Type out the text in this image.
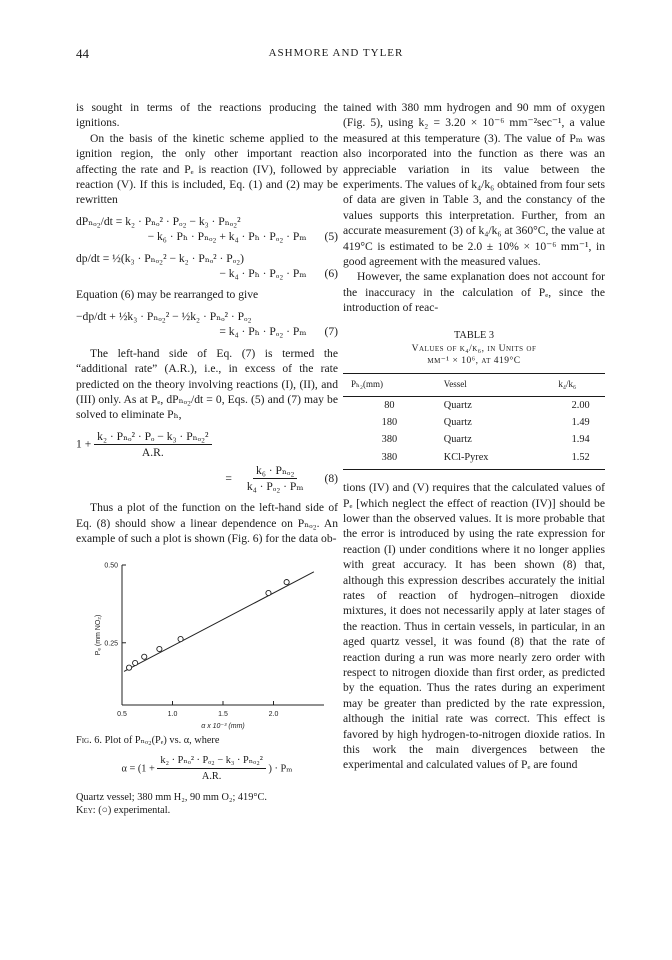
44	ASHMORE AND TYLER

is sought in terms of the reactions producing the ignitions.

On the basis of the kinetic scheme applied to the ignition region, the only other important reaction affecting the rate and Pₑ is reaction (IV), followed by reaction (V). If this is included, Eq. (1) and (2) may be rewritten

dPₙₒ₂/dt = k₂ · Pₙₒ² · Pₒ₂ − k₃ · Pₙₒ₂²
− k₆ · Pₕ · Pₙₒ₂ + k₄ · Pₕ · Pₒ₂ · Pₘ	(5)
dp/dt = ½(k₃ · Pₙₒ₂² − k₂ · Pₙₒ² · Pₒ₂)
− k₄ · Pₕ · Pₒ₂ · Pₘ	(6)

Equation (6) may be rearranged to give

−dp/dt + ½k₃ · Pₙₒ₂² − ½k₂ · Pₙₒ² · Pₒ₂
= k₄ · Pₕ · Pₒ₂ · Pₘ	(7)

The left-hand side of Eq. (7) is termed the “additional rate” (A.R.), i.e., in excess of the rate predicted on the theory involving reactions (I), (II), and (III) only. As at Pₑ, dPₙₒ₂/dt = 0, Eqs. (5) and (7) may be solved to eliminate Pₕ,

$1 + \frac{\text{k₂ · Pₙₒ² · Pₒ − k₃ · Pₙₒ₂²}}{A.R.}$
= $\frac{\text{k₆ · Pₙₒ₂}}{\text{k₄ · Pₒ₂ · Pₘ}}$	(8)

Thus a plot of the function on the left-hand side of Eq. (8) should show a linear dependence on Pₙₒ₂. An example of such a plot is shown (Fig. 6) for the data ob-

0.5	1.0	1.5	2.0
0.25
0.50
α x 10⁻³ (mm)
Pₑ (mm NO₂)
Fig. 6. Plot of Pₙₒ₂(Pₑ) vs. α, where
$\alpha = (1 + \frac{\text{k₂ · Pₙₒ² · Pₒ₂ − k₃ · Pₙₒ₂²}}{A.R.}$ ) · Pₘ
Quartz vessel; 380 mm H₂, 90 mm O₂; 419°C.
Key: (○) experimental.

tained with 380 mm hydrogen and 90 mm of oxygen (Fig. 5), using k₂ = 3.20 × 10⁻⁶ mm⁻²sec⁻¹, a value measured at this temperature (3). The value of Pₘ was also incorporated into the function as there was an appreciable variation in its value between the experiments. The values of k₄/k₆ obtained from four sets of data are given in Table 3, and the constancy of the values supports this interpretation. Further, from an accurate measurement (3) of k₄/k₆ at 360°C, the value at 419°C is estimated to be 2.0 ± 10% × 10⁻⁶ mm⁻¹, in good agreement with the measured values.

However, the same explanation does not account for the inaccuracy in the calculation of Pₑ, since the introduction of reac-

TABLE 3
Values of k₄/k₆, in Units of
mm⁻¹ × 10⁶, at 419°C
Pₕ₂(mm)	Vessel	k₄/k₆
80	Quartz	2.00
180	Quartz	1.49
380	Quartz	1.94
380	KCl-Pyrex	1.52

tions (IV) and (V) requires that the calculated values of Pₑ [which neglect the effect of reaction (IV)] should be lower than the observed values. It is more probable that the error is introduced by using the rate expression for reaction (I) under conditions where it no longer applies with great accuracy. It has been shown (8) that, although this expression describes accurately the initial rates of reaction of hydrogen–nitrogen dioxide mixtures, it does not necessarily apply at later stages of the reaction. Thus in certain vessels, in particular, in an aged quartz vessel, it was found (8) that the rate of reaction during a run was more nearly zero order with respect to nitrogen dioxide than first order, as predicted by the equation. Thus the rates during an experiment may be greater than predicted by the rate expression, although the initial rate was correct. This effect is favored by high hydrogen-to-nitrogen dioxide ratios. In this work the main divergences between the experimental and calculated values of Pₑ are found
